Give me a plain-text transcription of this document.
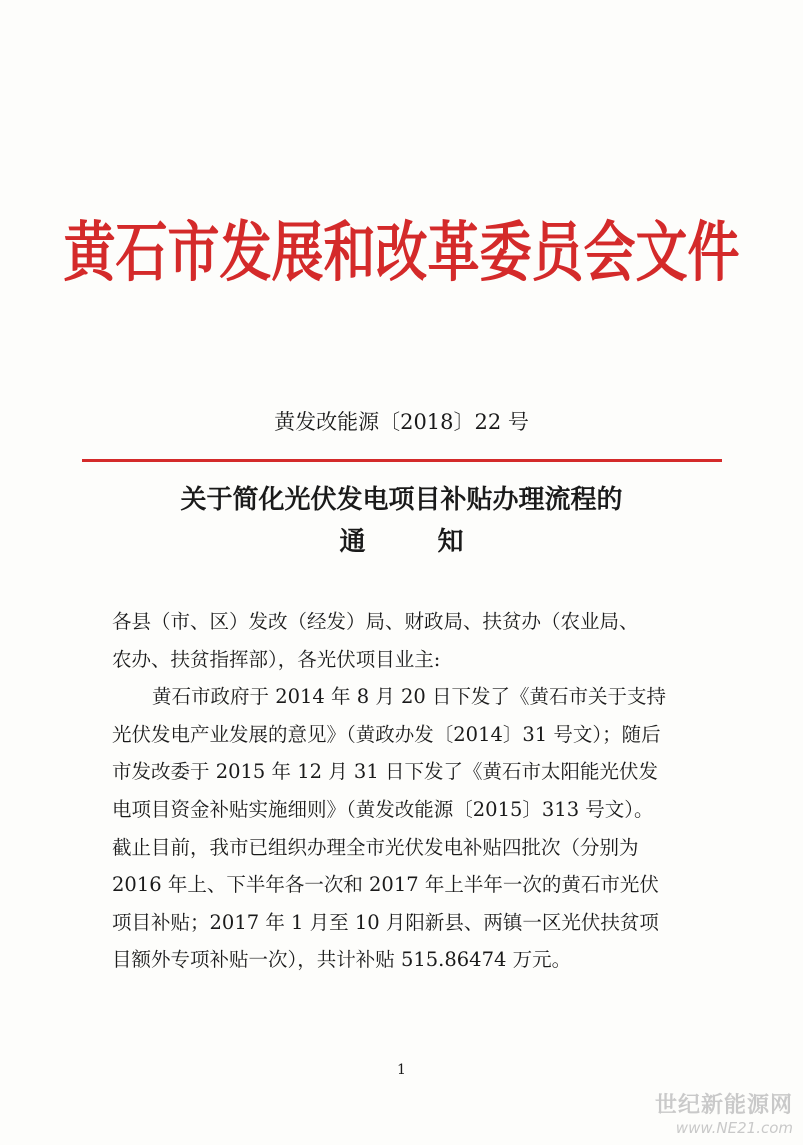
黄石市发展和改革委员会文件
黄发改能源〔2018〕22 号
关于简化光伏发电项目补贴办理流程的
通知
各县（市、区）发改（经发）局、财政局、扶贫办（农业局、
农办、扶贫指挥部），各光伏项目业主:
黄石市政府于 2014 年 8 月 20 日下发了《黄石市关于支持
光伏发电产业发展的意见》（黄政办发〔2014〕31 号文）；随后
市发改委于 2015 年 12 月 31 日下发了《黄石市太阳能光伏发
电项目资金补贴实施细则》（黄发改能源〔2015〕313 号文）。
截止目前，我市已组织办理全市光伏发电补贴四批次（分别为
2016 年上、下半年各一次和 2017 年上半年一次的黄石市光伏
项目补贴；2017 年 1 月至 10 月阳新县、两镇一区光伏扶贫项
目额外专项补贴一次），共计补贴 515.86474 万元。
1
世纪新能源网
www.NE21.com
